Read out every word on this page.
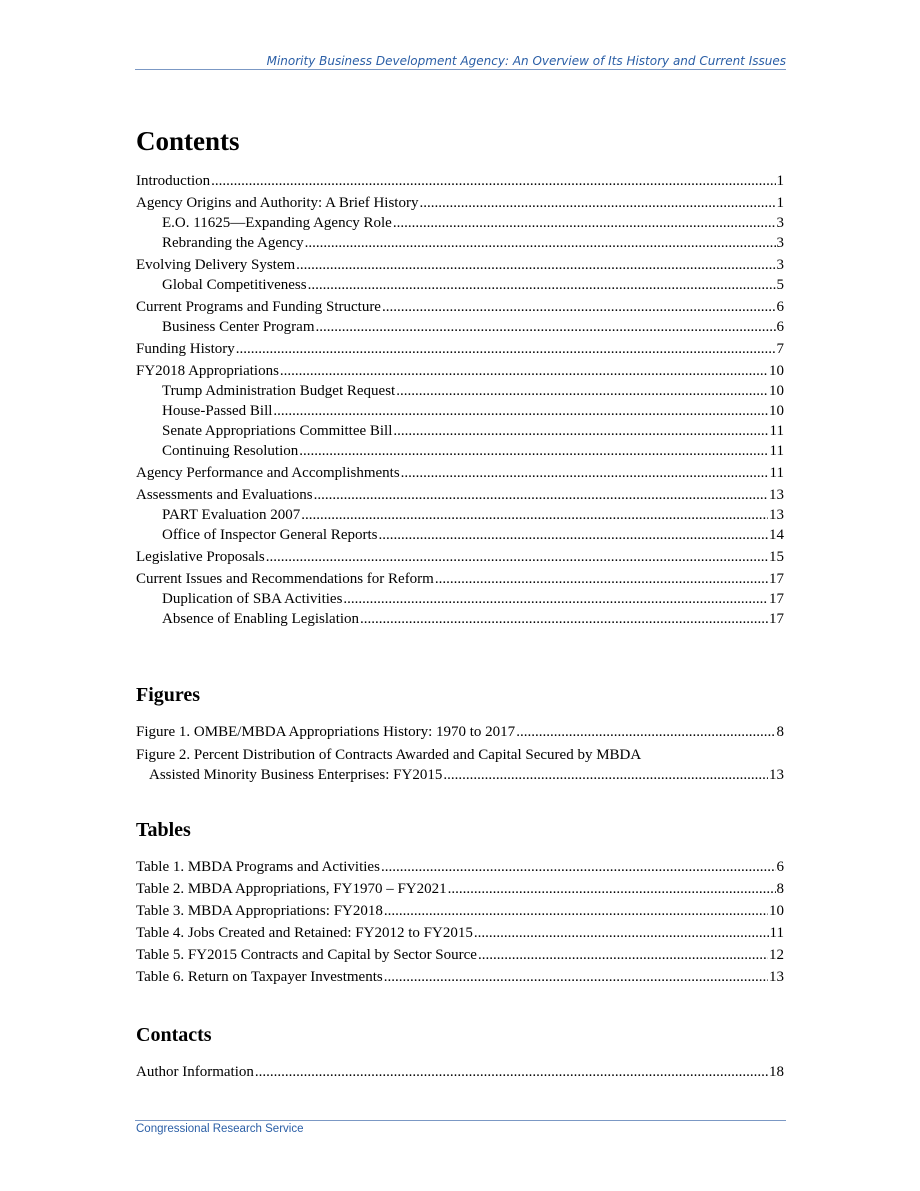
Minority Business Development Agency: An Overview of Its History and Current Issues
Contents
Introduction .....	1
Agency Origins and Authority: A Brief History .....	1
E.O. 11625—Expanding Agency Role .....	3
Rebranding the Agency .....	3
Evolving Delivery System .....	3
Global Competitiveness .....	5
Current Programs and Funding Structure .....	6
Business Center Program .....	6
Funding History .....	7
FY2018 Appropriations .....	10
Trump Administration Budget Request .....	10
House-Passed Bill .....	10
Senate Appropriations Committee Bill .....	11
Continuing Resolution .....	11
Agency Performance and Accomplishments .....	11
Assessments and Evaluations .....	13
PART Evaluation 2007 .....	13
Office of Inspector General Reports .....	14
Legislative Proposals .....	15
Current Issues and Recommendations for Reform .....	17
Duplication of SBA Activities .....	17
Absence of Enabling Legislation .....	17
Figures
Figure 1. OMBE/MBDA Appropriations History: 1970 to 2017 .....	8
Figure 2. Percent Distribution of Contracts Awarded and Capital Secured by MBDA
Assisted Minority Business Enterprises: FY2015 .....	13
Tables
Table 1. MBDA Programs and Activities .....	6
Table 2. MBDA Appropriations, FY1970 – FY2021 .....	8
Table 3. MBDA Appropriations: FY2018 .....	10
Table 4. Jobs Created and Retained: FY2012 to FY2015 .....	11
Table 5. FY2015 Contracts and Capital by Sector Source .....	12
Table 6. Return on Taxpayer Investments .....	13
Contacts
Author Information .....	18
Congressional Research Service
